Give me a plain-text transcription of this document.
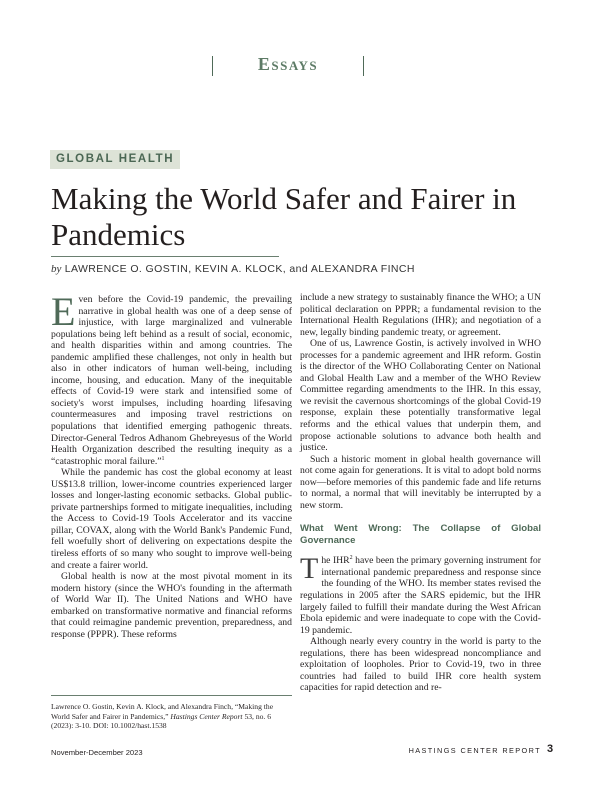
Essays
GLOBAL HEALTH
Making the World Safer and Fairer in Pandemics
by LAWRENCE O. GOSTIN, KEVIN A. KLOCK, and ALEXANDRA FINCH

Even before the Covid-19 pandemic, the prevailing narrative in global health was one of a deep sense of injustice, with large marginalized and vulnerable populations being left behind as a result of social, economic, and health disparities within and among countries. The pandemic amplified these challenges, not only in health but also in other indicators of human well-being, including income, housing, and education. Many of the inequitable effects of Covid-19 were stark and intensified some of society's worst impulses, including hoarding lifesaving countermeasures and imposing travel restrictions on populations that identified emerging pathogenic threats. Director-General Tedros Adhanom Ghebreyesus of the World Health Organization described the resulting inequity as a “catastrophic moral failure.”$^1$

While the pandemic has cost the global economy at least US$13.8 trillion, lower-income countries experienced larger losses and longer-lasting economic setbacks. Global public-private partnerships formed to mitigate inequalities, including the Access to Covid-19 Tools Accelerator and its vaccine pillar, COVAX, along with the World Bank's Pandemic Fund, fell woefully short of delivering on expectations despite the tireless efforts of so many who sought to improve well-being and create a fairer world.

Global health is now at the most pivotal moment in its modern history (since the WHO's founding in the aftermath of World War II). The United Nations and WHO have embarked on transformative normative and financial reforms that could reimagine pandemic prevention, preparedness, and response (PPPR). These reforms

include a new strategy to sustainably finance the WHO; a UN political declaration on PPPR; a fundamental revision to the International Health Regulations (IHR); and negotiation of a new, legally binding pandemic treaty, or agreement.

One of us, Lawrence Gostin, is actively involved in WHO processes for a pandemic agreement and IHR reform. Gostin is the director of the WHO Collaborating Center on National and Global Health Law and a member of the WHO Review Committee regarding amendments to the IHR. In this essay, we revisit the cavernous shortcomings of the global Covid-19 response, explain these potentially transformative legal reforms and the ethical values that underpin them, and propose actionable solutions to advance both health and justice.

Such a historic moment in global health governance will not come again for generations. It is vital to adopt bold norms now—before memories of this pandemic fade and life returns to normal, a normal that will inevitably be interrupted by a new storm.

What Went Wrong: The Collapse of Global Governance

The IHR$^2$ have been the primary governing instrument for international pandemic preparedness and response since the founding of the WHO. Its member states revised the regulations in 2005 after the SARS epidemic, but the IHR largely failed to fulfill their mandate during the West African Ebola epidemic and were inadequate to cope with the Covid-19 pandemic.

Although nearly every country in the world is party to the regulations, there has been widespread noncompliance and exploitation of loopholes. Prior to Covid-19, two in three countries had failed to build IHR core health system capacities for rapid detection and re-

Lawrence O. Gostin, Kevin A. Klock, and Alexandra Finch, “Making the World Safer and Fairer in Pandemics,” Hastings Center Report 53, no. 6 (2023): 3-10. DOI: 10.1002/hast.1538

November-December 2023	HASTINGS CENTER REPORT 3
